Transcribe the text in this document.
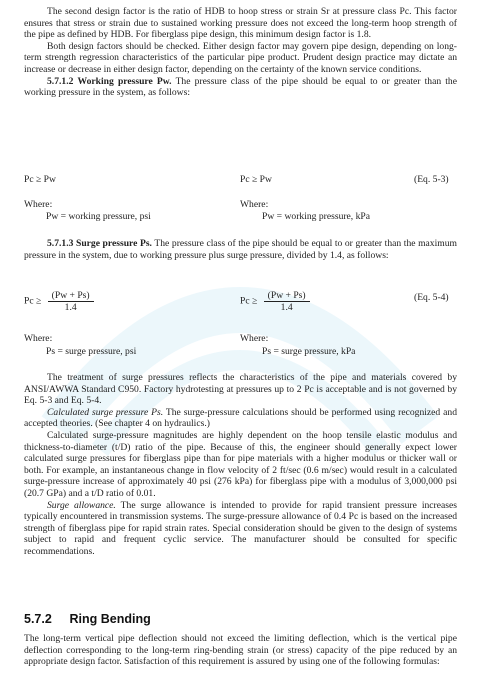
The second design factor is the ratio of HDB to hoop stress or strain Sr at pressure class Pc. This factor ensures that stress or strain due to sustained working pressure does not exceed the long-term hoop strength of the pipe as defined by HDB. For fiberglass pipe design, this minimum design factor is 1.8.

Both design factors should be checked. Either design factor may govern pipe design, depending on long-term strength regression characteristics of the particular pipe product. Prudent design practice may dictate an increase or decrease in either design factor, depending on the certainty of the known service conditions.

5.7.1.2 Working pressure Pw. The pressure class of the pipe should be equal to or greater than the working pressure in the system, as follows:

Pc ≥ Pw	Pc ≥ Pw	(Eq. 5-3)
Where:	Where:
Pw = working pressure, psi	Pw = working pressure, kPa

5.7.1.3 Surge pressure Ps. The pressure class of the pipe should be equal to or greater than the maximum pressure in the system, due to working pressure plus surge pressure, divided by 1.4, as follows:

$Pc \ge \frac{(Pw + Ps)}{1.4}$	$Pc \ge \frac{(Pw + Ps)}{1.4}$	(Eq. 5-4)
Where:	Where:
Ps = surge pressure, psi	Ps = surge pressure, kPa

The treatment of surge pressures reflects the characteristics of the pipe and materials covered by ANSI/AWWA Standard C950. Factory hydrotesting at pressures up to 2 Pc is acceptable and is not governed by Eq. 5-3 and Eq. 5-4.

Calculated surge pressure Ps. The surge-pressure calculations should be performed using recognized and accepted theories. (See chapter 4 on hydraulics.)

Calculated surge-pressure magnitudes are highly dependent on the hoop tensile elastic modulus and thickness-to-diameter (t/D) ratio of the pipe. Because of this, the engineer should generally expect lower calculated surge pressures for fiberglass pipe than for pipe materials with a higher modulus or thicker wall or both. For example, an instantaneous change in flow velocity of 2 ft/sec (0.6 m/sec) would result in a calculated surge-pressure increase of approximately 40 psi (276 kPa) for fiberglass pipe with a modulus of 3,000,000 psi (20.7 GPa) and a t/D ratio of 0.01.

Surge allowance. The surge allowance is intended to provide for rapid transient pressure increases typically encountered in transmission systems. The surge-pressure allowance of 0.4 Pc is based on the increased strength of fiberglass pipe for rapid strain rates. Special consideration should be given to the design of systems subject to rapid and frequent cyclic service. The manufacturer should be consulted for specific recommendations.

5.7.2 Ring Bending

The long-term vertical pipe deflection should not exceed the limiting deflection, which is the vertical pipe deflection corresponding to the long-term ring-bending strain (or stress) capacity of the pipe reduced by an appropriate design factor. Satisfaction of this requirement is assured by using one of the following formulas:
